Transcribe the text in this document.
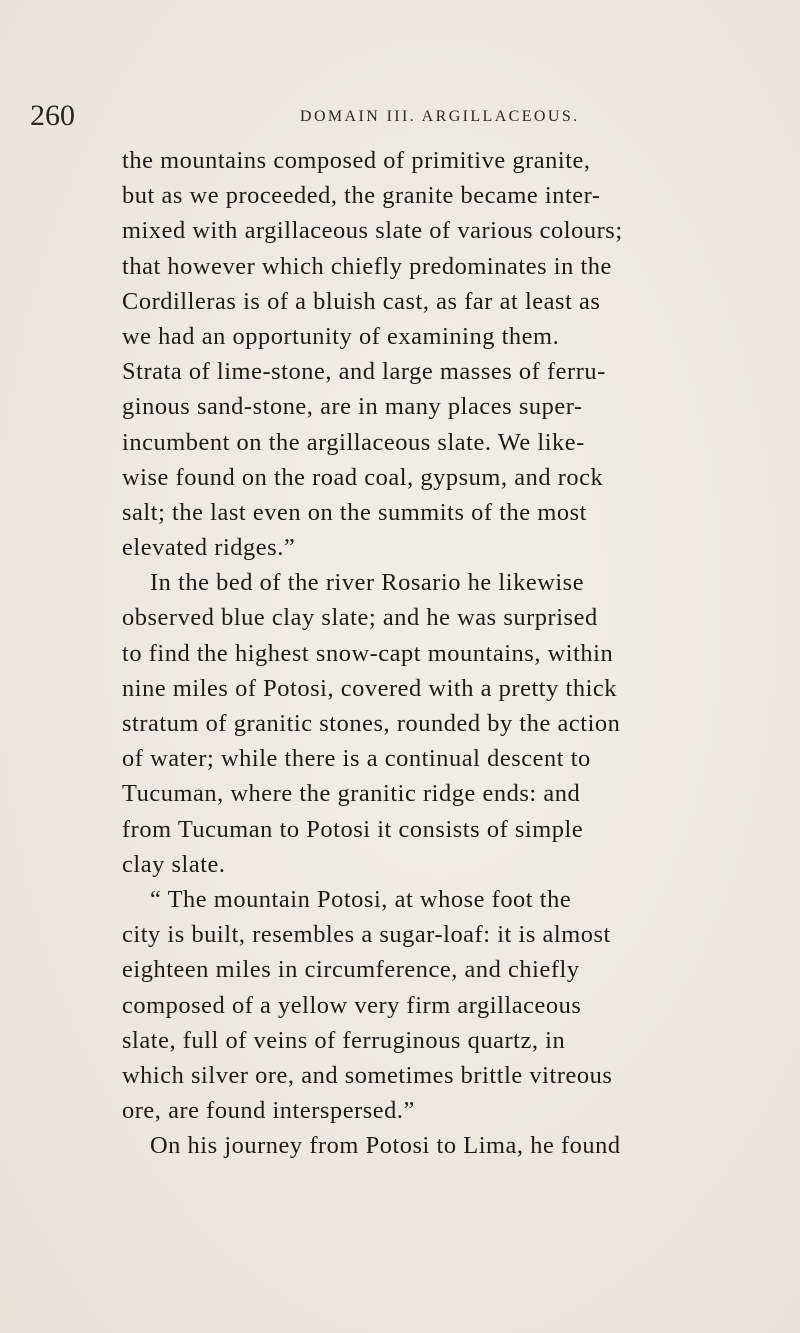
260	DOMAIN III. ARGILLACEOUS.
the mountains composed of primitive granite,
but as we proceeded, the granite became inter-
mixed with argillaceous slate of various colours;
that however which chiefly predominates in the
Cordilleras is of a bluish cast, as far at least as
we had an opportunity of examining them.
Strata of lime-stone, and large masses of ferru-
ginous sand-stone, are in many places super-
incumbent on the argillaceous slate. We like-
wise found on the road coal, gypsum, and rock
salt; the last even on the summits of the most
elevated ridges.”
In the bed of the river Rosario he likewise
observed blue clay slate; and he was surprised
to find the highest snow-capt mountains, within
nine miles of Potosi, covered with a pretty thick
stratum of granitic stones, rounded by the action
of water; while there is a continual descent to
Tucuman, where the granitic ridge ends: and
from Tucuman to Potosi it consists of simple
clay slate.
“ The mountain Potosi, at whose foot the
city is built, resembles a sugar-loaf: it is almost
eighteen miles in circumference, and chiefly
composed of a yellow very firm argillaceous
slate, full of veins of ferruginous quartz, in
which silver ore, and sometimes brittle vitreous
ore, are found interspersed.”
On his journey from Potosi to Lima, he found
